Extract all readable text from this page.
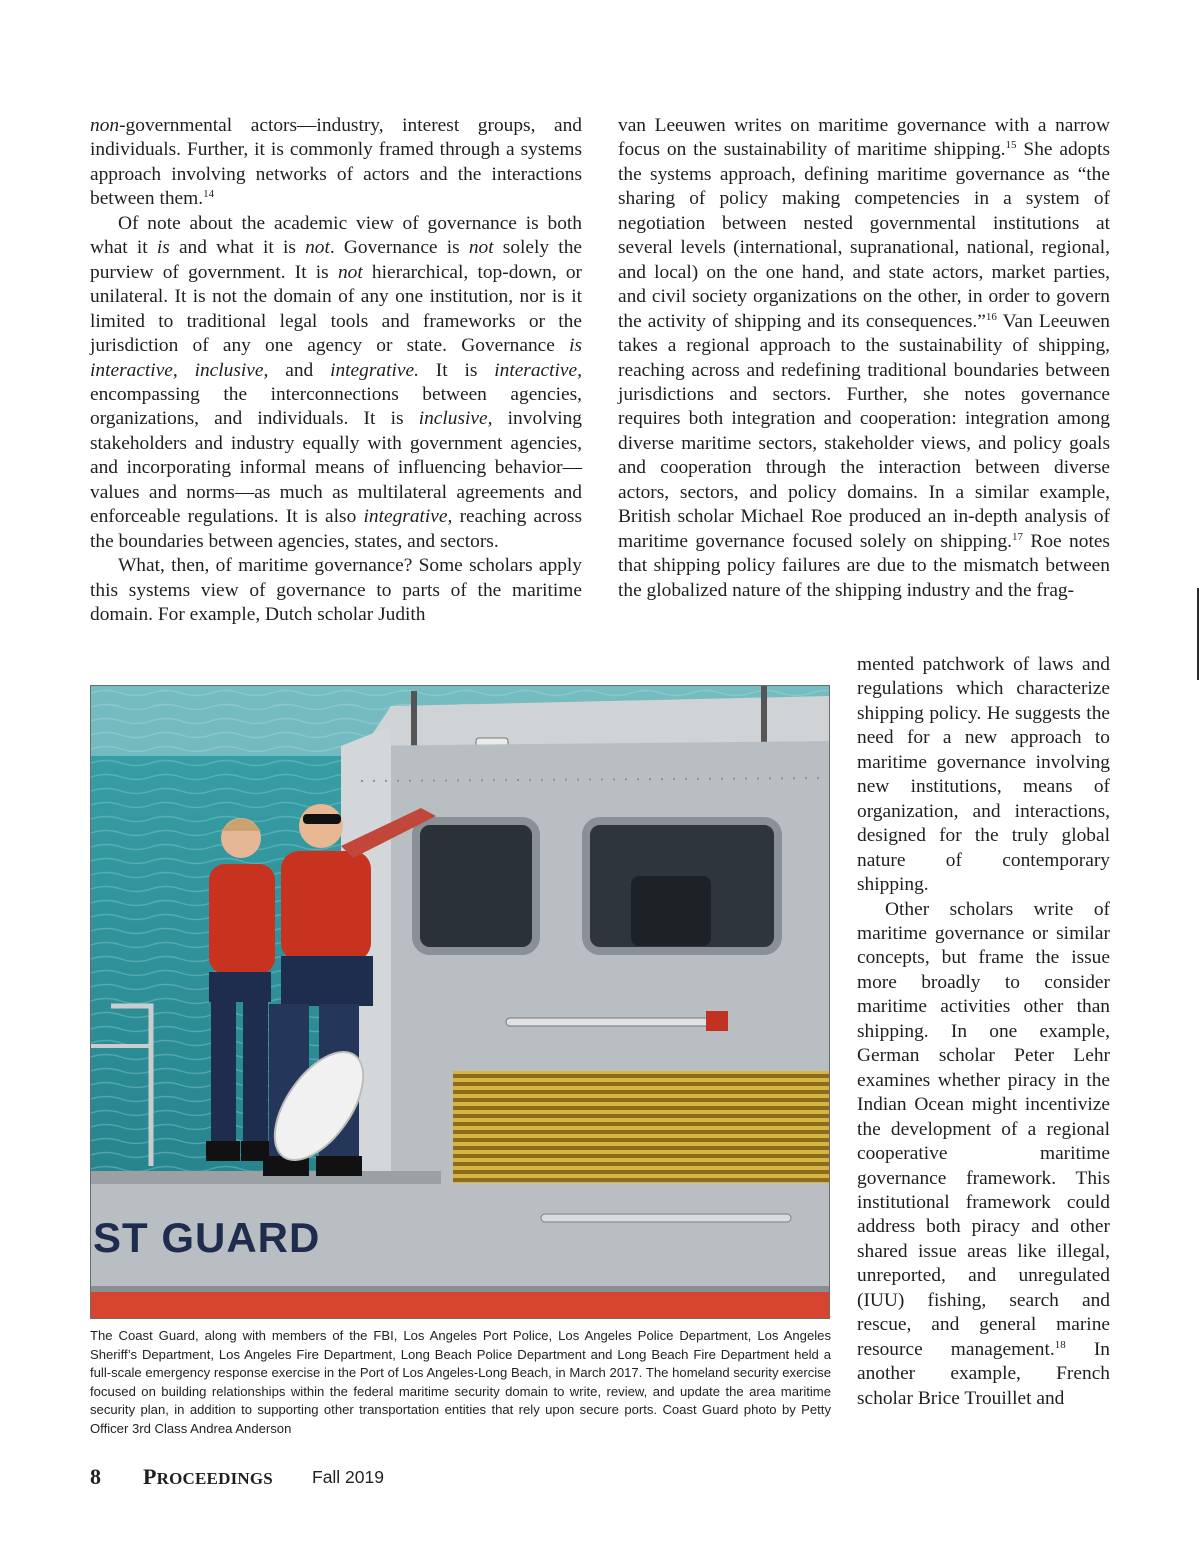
non-governmental actors—industry, interest groups, and individuals. Further, it is commonly framed through a systems approach involving networks of actors and the interactions between them.$^{14}$

Of note about the academic view of governance is both what it is and what it is not. Governance is not solely the purview of government. It is not hierarchical, top-down, or unilateral. It is not the domain of any one institution, nor is it limited to traditional legal tools and frameworks or the jurisdiction of any one agency or state. Governance is interactive, inclusive, and integrative. It is interactive, encompassing the interconnections between agencies, organizations, and individuals. It is inclusive, involving stakeholders and industry equally with government agencies, and incorporating informal means of influencing behavior—values and norms—as much as multilateral agreements and enforceable regulations. It is also integrative, reaching across the boundaries between agencies, states, and sectors.

What, then, of maritime governance? Some scholars apply this systems view of governance to parts of the maritime domain. For example, Dutch scholar Judith

van Leeuwen writes on maritime governance with a narrow focus on the sustainability of maritime shipping.$^{15}$ She adopts the systems approach, defining maritime governance as “the sharing of policy making competencies in a system of negotiation between nested governmental institutions at several levels (international, supranational, national, regional, and local) on the one hand, and state actors, market parties, and civil society organizations on the other, in order to govern the activity of shipping and its consequences.”$^{16}$ Van Leeuwen takes a regional approach to the sustainability of shipping, reaching across and redefining traditional boundaries between jurisdictions and sectors. Further, she notes governance requires both integration and cooperation: integration among diverse maritime sectors, stakeholder views, and policy goals and cooperation through the interaction between diverse actors, sectors, and policy domains. In a similar example, British scholar Michael Roe produced an in-depth analysis of maritime governance focused solely on shipping.$^{17}$ Roe notes that shipping policy failures are due to the mismatch between the globalized nature of the shipping industry and the frag-

mented patchwork of laws and regulations which characterize shipping policy. He suggests the need for a new approach to maritime governance involving new institutions, means of organization, and interactions, designed for the truly global nature of contemporary shipping.

Other scholars write of maritime governance or similar concepts, but frame the issue more broadly to consider maritime activities other than shipping. In one example, German scholar Peter Lehr examines whether piracy in the Indian Ocean might incentivize the development of a regional cooperative maritime governance framework. This institutional framework could address both piracy and other shared issue areas like illegal, unreported, and unregulated (IUU) fishing, search and rescue, and general marine resource management.$^{18}$ In another example, French scholar Brice Trouillet and

ST GUARD
The Coast Guard, along with members of the FBI, Los Angeles Port Police, Los Angeles Police Department, Los Angeles Sheriff’s Department, Los Angeles Fire Department, Long Beach Police Department and Long Beach Fire Department held a full-scale emergency response exercise in the Port of Los Angeles-Long Beach, in March 2017. The homeland security exercise focused on building relationships within the federal maritime security domain to write, review, and update the area maritime security plan, in addition to supporting other transportation entities that rely upon secure ports. Coast Guard photo by Petty Officer 3rd Class Andrea Anderson
8 PROCEEDINGS Fall 2019
